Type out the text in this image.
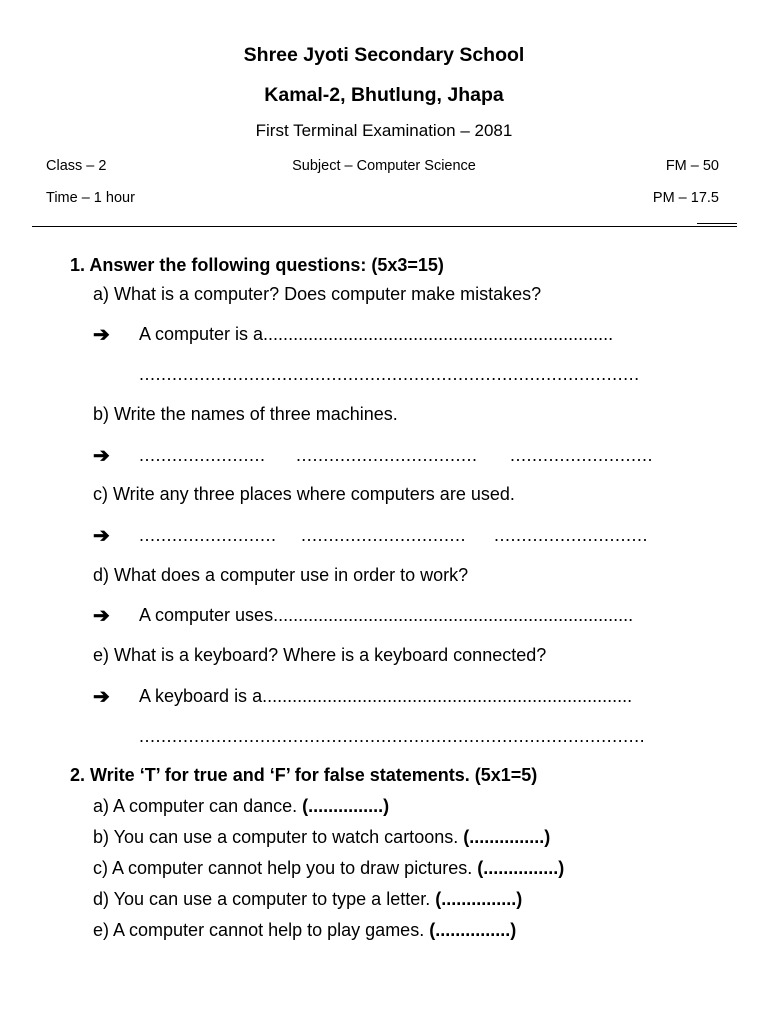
Shree Jyoti Secondary School
Kamal-2, Bhutlung, Jhapa
First Terminal Examination – 2081
Class – 2	Subject – Computer Science	FM – 50
Time – 1 hour	PM – 17.5
1. Answer the following questions: (5x3=15)
a) What is a computer? Does computer make mistakes?
➔ A computer is a......................................................................
...........................................................................................
b) Write the names of three machines.
➔ ....................... ................................. ..........................
c) Write any three places where computers are used.
➔ ......................... .............................. ............................
d) What does a computer use in order to work?
➔ A computer uses........................................................................
e) What is a keyboard? Where is a keyboard connected?
➔ A keyboard is a..........................................................................
............................................................................................
2. Write ‘T’ for true and ‘F’ for false statements. (5x1=5)
a) A computer can dance. (...............)
b) You can use a computer to watch cartoons. (...............)
c) A computer cannot help you to draw pictures. (...............)
d) You can use a computer to type a letter. (...............)
e) A computer cannot help to play games. (...............)
